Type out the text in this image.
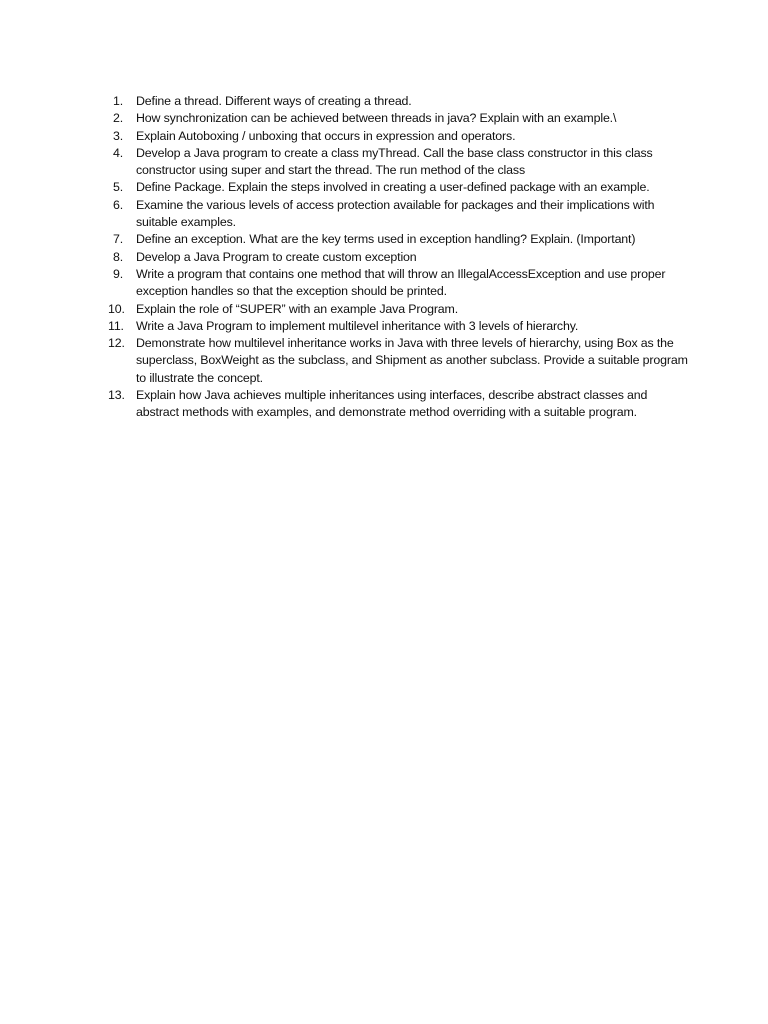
1.	Define a thread. Different ways of creating a thread.
2.	How synchronization can be achieved between threads in java? Explain with an example.\
3.	Explain Autoboxing / unboxing that occurs in expression and operators.
4.	Develop a Java program to create a class myThread. Call the base class constructor in this class constructor using super and start the thread. The run method of the class
5.	Define Package. Explain the steps involved in creating a user-defined package with an example.
6.	Examine the various levels of access protection available for packages and their implications with suitable examples.
7.	Define an exception. What are the key terms used in exception handling? Explain. (Important)
8.	Develop a Java Program to create custom exception
9.	Write a program that contains one method that will throw an IllegalAccessException and use proper exception handles so that the exception should be printed.
10. Explain the role of “SUPER” with an example Java Program.
11. Write a Java Program to implement multilevel inheritance with 3 levels of hierarchy.
12. Demonstrate how multilevel inheritance works in Java with three levels of hierarchy, using Box as the superclass, BoxWeight as the subclass, and Shipment as another subclass. Provide a suitable program to illustrate the concept.
13. Explain how Java achieves multiple inheritances using interfaces, describe abstract classes and abstract methods with examples, and demonstrate method overriding with a suitable program.
